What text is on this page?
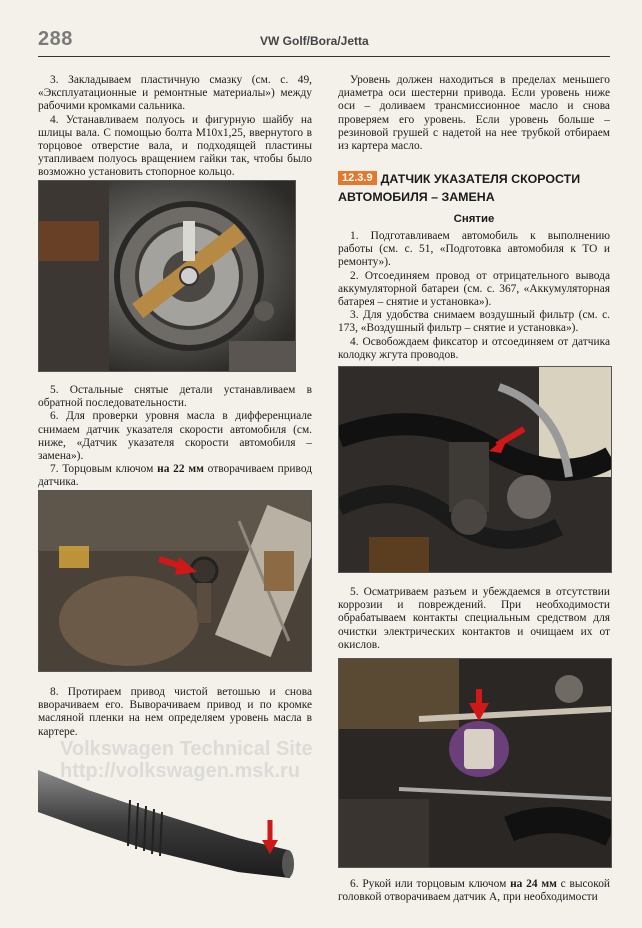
288	VW Golf/Bora/Jetta

3. Закладываем пластичную смазку (см. с. 49, «Эксплуатационные и ремонтные материалы») между рабочими кромками сальника.

4. Устанавливаем полуось и фигурную шайбу на шлицы вала. С помощью болта M10x1,25, ввернутого в торцовое отверстие вала, и подходящей пластины утапливаем полуось вращением гайки так, чтобы было возможно установить стопорное кольцо.

5. Остальные снятые детали устанавливаем в обратной последовательности.

6. Для проверки уровня масла в дифференциале снимаем датчик указателя скорости автомобиля (см. ниже, «Датчик указателя скорости автомобиля – замена»).

7. Торцовым ключом на 22 мм отворачиваем привод датчика.

8. Протираем привод чистой ветошью и снова вворачиваем его. Выворачиваем привод и по кромке масляной пленки на нем определяем уровень масла в картере.

Volkswagen Technical Site
http://volkswagen.msk.ru

Уровень должен находиться в пределах меньшего диаметра оси шестерни привода. Если уровень ниже оси – доливаем трансмиссионное масло и снова проверяем его уровень. Если уровень больше – резиновой грушей с надетой на нее трубкой отбираем из картера масло.

12.3.9 ДАТЧИК УКАЗАТЕЛЯ СКОРОСТИ АВТОМОБИЛЯ – ЗАМЕНА
Снятие

1. Подготавливаем автомобиль к выполнению работы (см. с. 51, «Подготовка автомобиля к ТО и ремонту»).

2. Отсоединяем провод от отрицательного вывода аккумуляторной батареи (см. с. 367, «Аккумуляторная батарея – снятие и установка»).

3. Для удобства снимаем воздушный фильтр (см. с. 173, «Воздушный фильтр – снятие и установка»).

4. Освобождаем фиксатор и отсоединяем от датчика колодку жгута проводов.

5. Осматриваем разъем и убеждаемся в отсутствии коррозии и повреждений. При необходимости обрабатываем контакты специальным средством для очистки электрических контактов и очищаем их от окислов.

6. Рукой или торцовым ключом на 24 мм с высокой головкой отворачиваем датчик А, при необходимости
